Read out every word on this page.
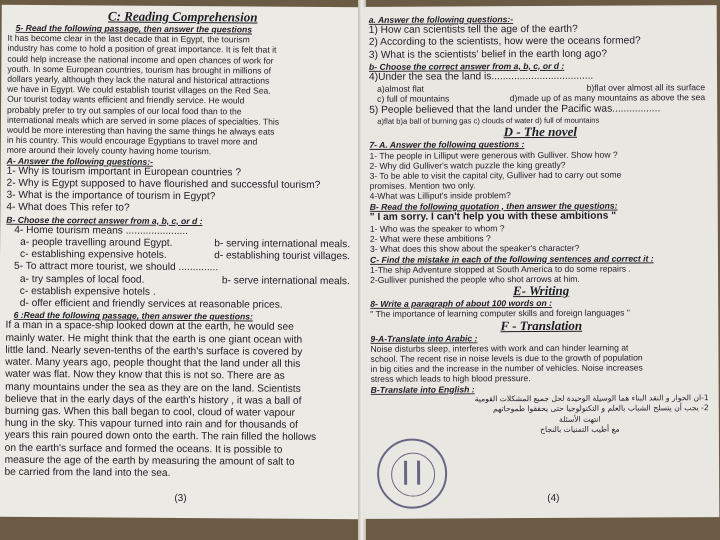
C: Reading Comprehension
5- Read the following passage, then answer the questions
It has become clear in the last decade that in Egypt, the tourism
industry has come to hold a position of great importance. It is felt that it
could help increase the national income and open chances of work for
youth. In some European countries, tourism has brought in millions of
dollars yearly, although they lack the natural and historical attractions
we have in Egypt. We could establish tourist villages on the Red Sea.
Our tourist today wants efficient and friendly service. He would
probably prefer to try out samples of our local food than to the
international meals which are served in some places of specialties. This
would be more interesting than having the same things he always eats
in his country. This would encourage Egyptians to travel more and
more around their lovely county having home tourism.
A- Answer the following questions:-
1- Why is tourism important in European countries ?
2- Why is Egypt supposed to have flourished and successful tourism?
3- What is the importance of tourism in Egypt?
4- What does This refer to?
B- Choose the correct answer from a, b, c, or d :
4- Home tourism means ......................
a- people travelling around Egypt.	b- serving international meals.
c- establishing expensive hotels.	d- establishing tourist villages.
5- To attract more tourist, we should ..............
a- try samples of local food.	b- serve international meals.
c- establish expensive hotels .
d- offer efficient and friendly services at reasonable prices.
6 :Read the following passage, then answer the questions:
If a man in a space-ship looked down at the earth, he would see
mainly water. He might think that the earth is one giant ocean with
little land. Nearly seven-tenths of the earth's surface is covered by
water. Many years ago, people thought that the land under all this
water was flat. Now they know that this is not so. There are as
many mountains under the sea as they are on the land. Scientists
believe that in the early days of the earth's history , it was a ball of
burning gas. When this ball began to cool, cloud of water vapour
hung in the sky. This vapour turned into rain and for thousands of
years this rain poured down onto the earth. The rain filled the hollows
on the earth's surface and formed the oceans. It is possible to
measure the age of the earth by measuring the amount of salt to
be carried from the land into the sea.
(3)
a. Answer the following questions:-
1) How can scientists tell the age of the earth?
2) According to the scientists, how were the oceans formed?
3) What is the scientists' belief in the earth long ago?
b- Choose the correct answer from a, b, c, or d :
4)Under the sea the land is....................................
a)almost flat	b)flat over almost all its surface
c) full of mountains	d)made up of as many mountains as above the sea
5) People believed that the land under the Pacific was.................
a)flat b)a ball of burning gas c) clouds of water d) full of mountains
D - The novel
7- A. Answer the following questions :
1- The people in Lilliput were generous with Gulliver. Show how ?
2- Why did Gulliver's watch puzzle the king greatly?
3- To be able to visit the capital city, Gulliver had to carry out some
promises. Mention two only.
4-What was Lilliput's inside problem?
B- Read the following quotation , then answer the questions:
" I am sorry. I can't help you with these ambitions "
1- Who was the speaker to whom ?
2- What were these ambitions ?
3- What does this show about the speaker's character?
C- Find the mistake in each of the following sentences and correct it :
1-The ship Adventure stopped at South America to do some repairs .
2-Gulliver punished the people who shot arrows at him.
E- Writing
8- Write a paragraph of about 100 words on :
" The importance of learning computer skills and foreign languages "
F - Translation
9-A-Translate into Arabic :
Noise disturbs sleep, interferes with work and can hinder learning at
school. The recent rise in noise levels is due to the growth of population
in big cities and the increase in the number of vehicles. Noise increases
stress which leads to high blood pressure.
B-Translate into English :
1-ان الحوار و النقد البناء هما الوسيلة الوحيدة لحل جميع المشكلات القومية
2- يجب أن يتسلح الشباب بالعلم و التكنولوجيا حتى يحققوا طموحاتهم
انتهت الأسئلة
مع أطيب التمنيات بالنجاح
(4)
